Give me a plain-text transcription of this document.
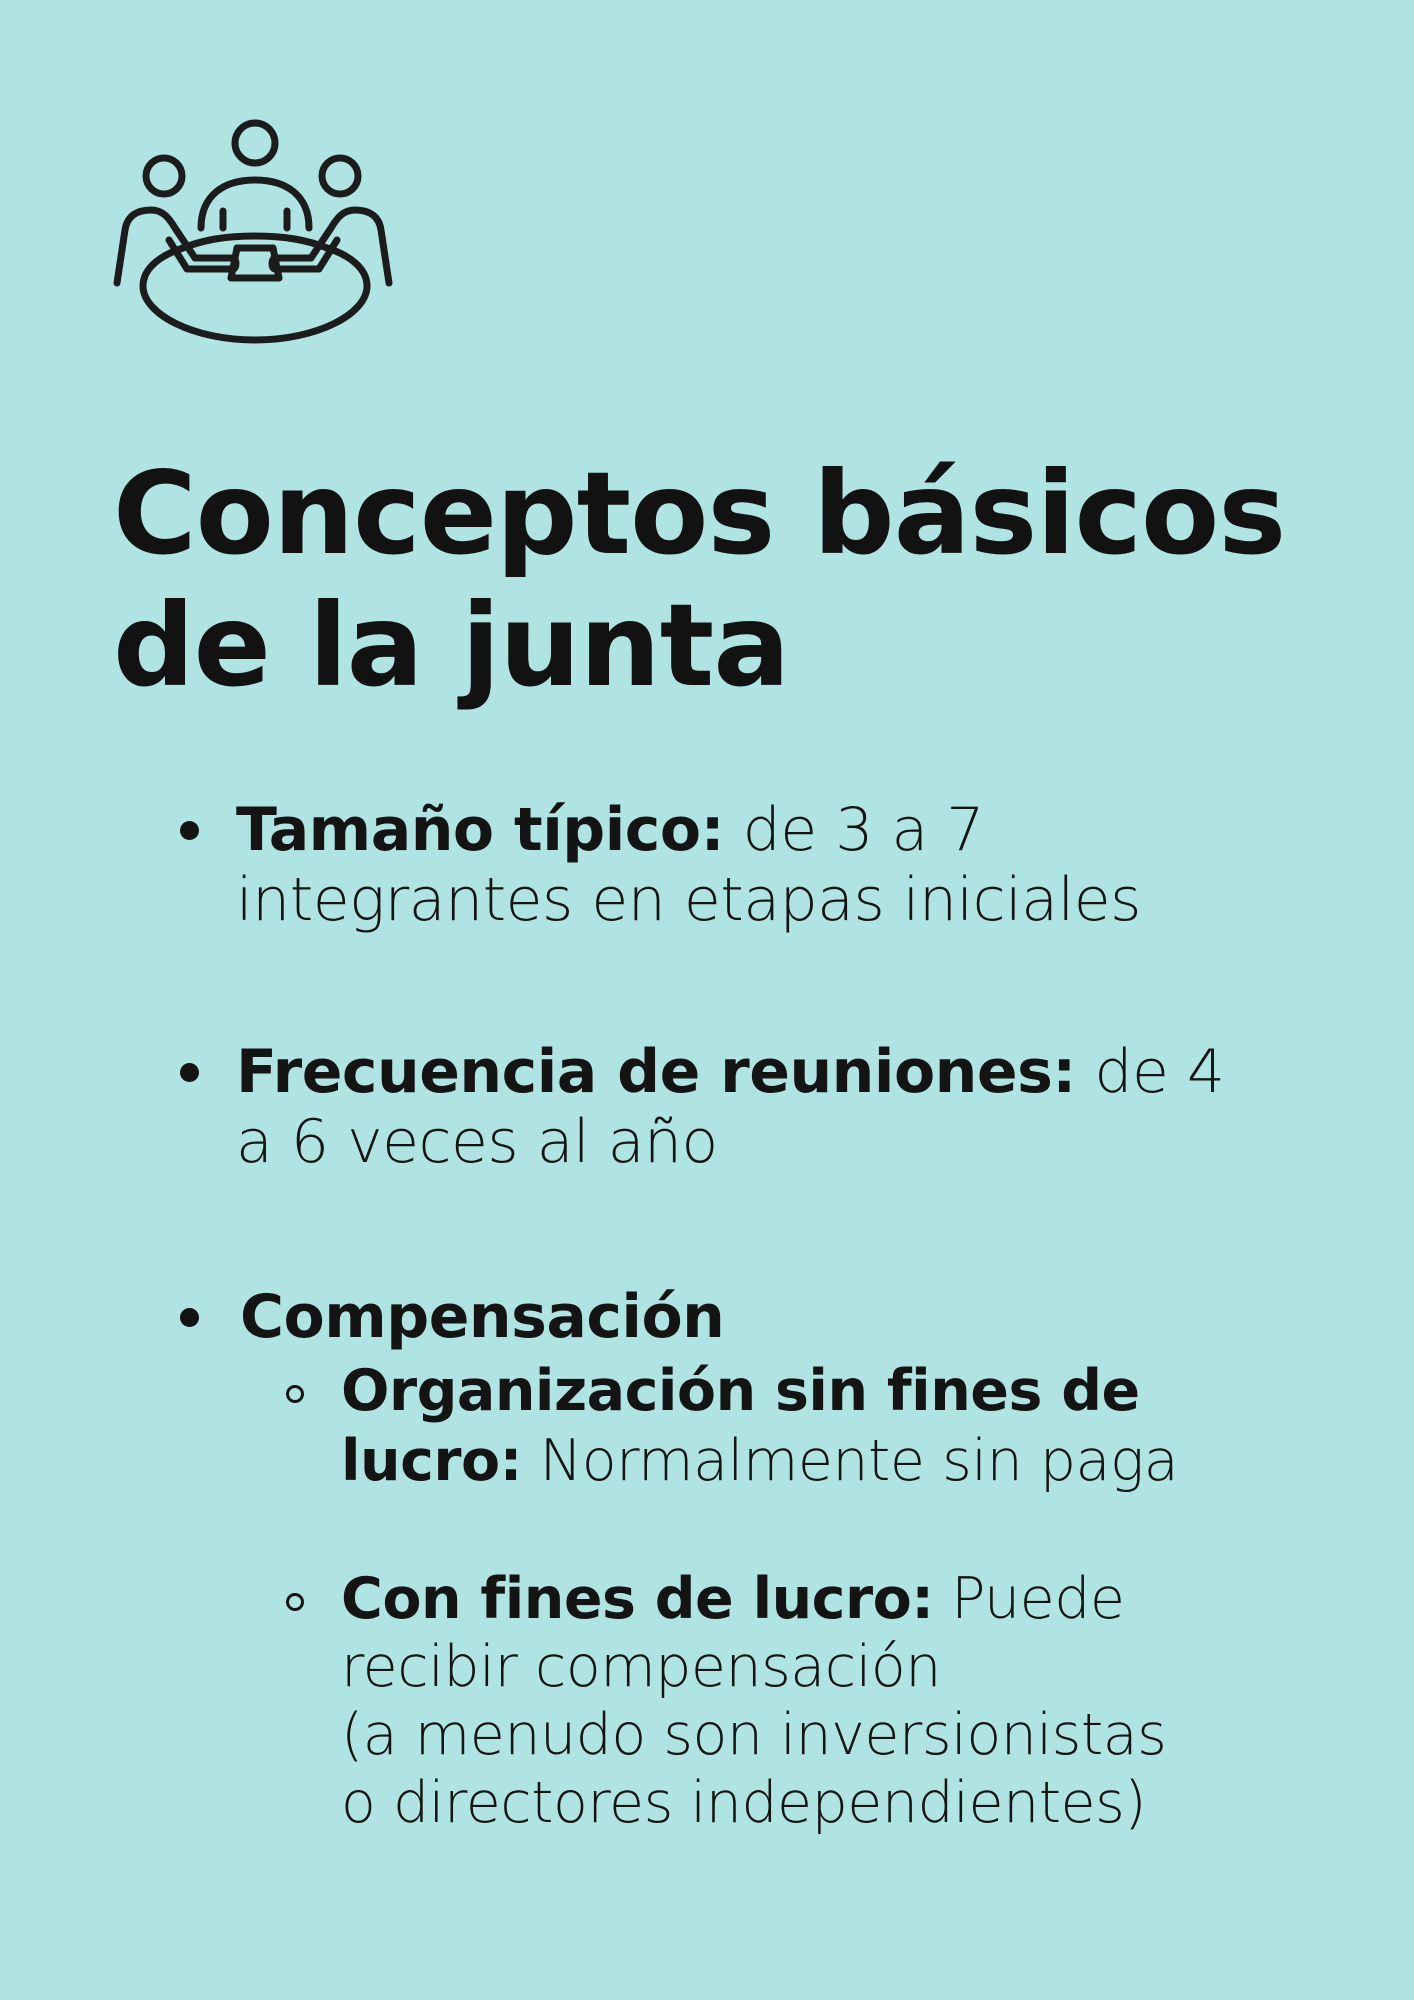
Conceptos básicos
de la junta
Tamaño típico: de 3 a 7
integrantes en etapas iniciales
Frecuencia de reuniones: de 4
a 6 veces al año
Compensación
Organización sin fines de
lucro: Normalmente sin paga
Con fines de lucro: Puede
recibir compensación
(a menudo son inversionistas
o directores independientes)
